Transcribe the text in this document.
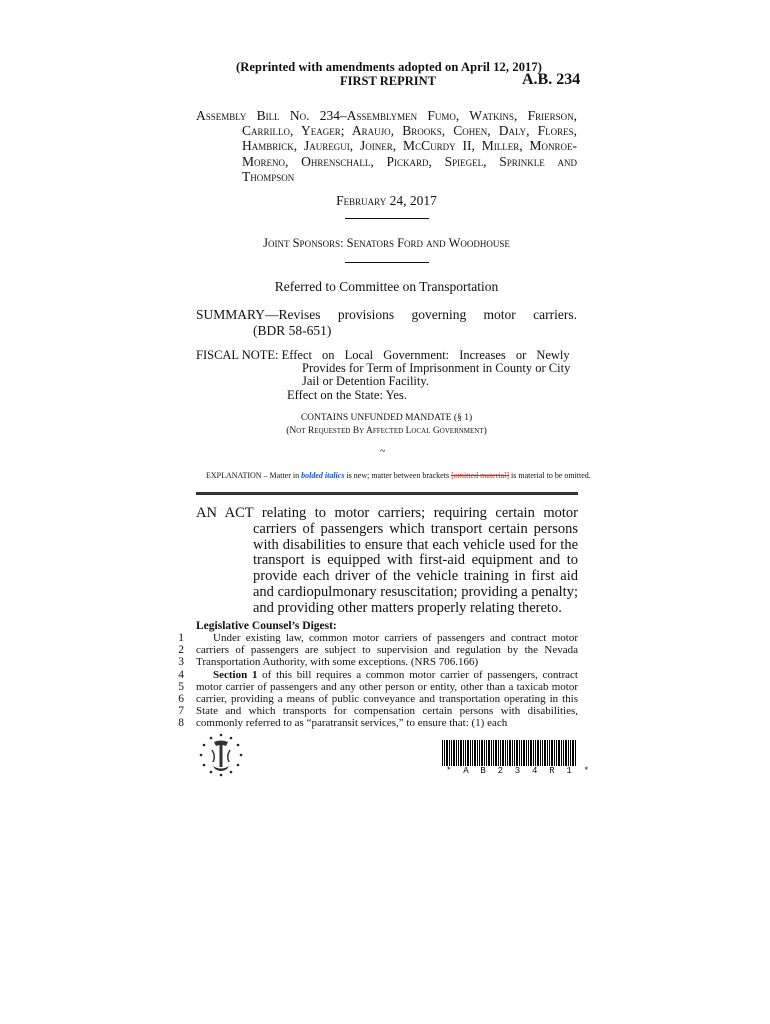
(Reprinted with amendments adopted on April 12, 2017)
FIRST REPRINT	A.B. 234
Assembly Bill No. 234–Assemblymen Fumo, Watkins, Frierson, Carrillo, Yeager; Araujo, Brooks, Cohen, Daly, Flores, Hambrick, Jauregui, Joiner, McCurdy II, Miller, Monroe-Moreno, Ohrenschall, Pickard, Spiegel, Sprinkle and Thompson
February 24, 2017
Joint Sponsors: Senators Ford and Woodhouse
Referred to Committee on Transportation
SUMMARY—Revises provisions governing motor carriers.
(BDR 58-651)
FISCAL NOTE: Effect on Local Government: Increases or Newly
Provides for Term of Imprisonment in County or City
Jail or Detention Facility.
Effect on the State: Yes.
CONTAINS UNFUNDED MANDATE (§ 1)
(Not Requested By Affected Local Government)
~
EXPLANATION – Matter in bolded italics is new; matter between brackets [omitted material] is material to be omitted.
AN ACT relating to motor carriers; requiring certain motor carriers of passengers which transport certain persons with disabilities to ensure that each vehicle used for the transport is equipped with first-aid equipment and to provide each driver of the vehicle training in first aid and cardiopulmonary resuscitation; providing a penalty; and providing other matters properly relating thereto.
Legislative Counsel’s Digest:
1
2
3
4
5
6
7
8

Under existing law, common motor carriers of passengers and contract motor carriers of passengers are subject to supervision and regulation by the Nevada Transportation Authority, with some exceptions. (NRS 706.166)

Section 1 of this bill requires a common motor carrier of passengers, contract motor carrier of passengers and any other person or entity, other than a taxicab motor carrier, providing a means of public conveyance and transportation operating in this State and which transports for compensation certain persons with disabilities, commonly referred to as “paratransit services,” to ensure that: (1) each

* A B 2 3 4 R 1 *
